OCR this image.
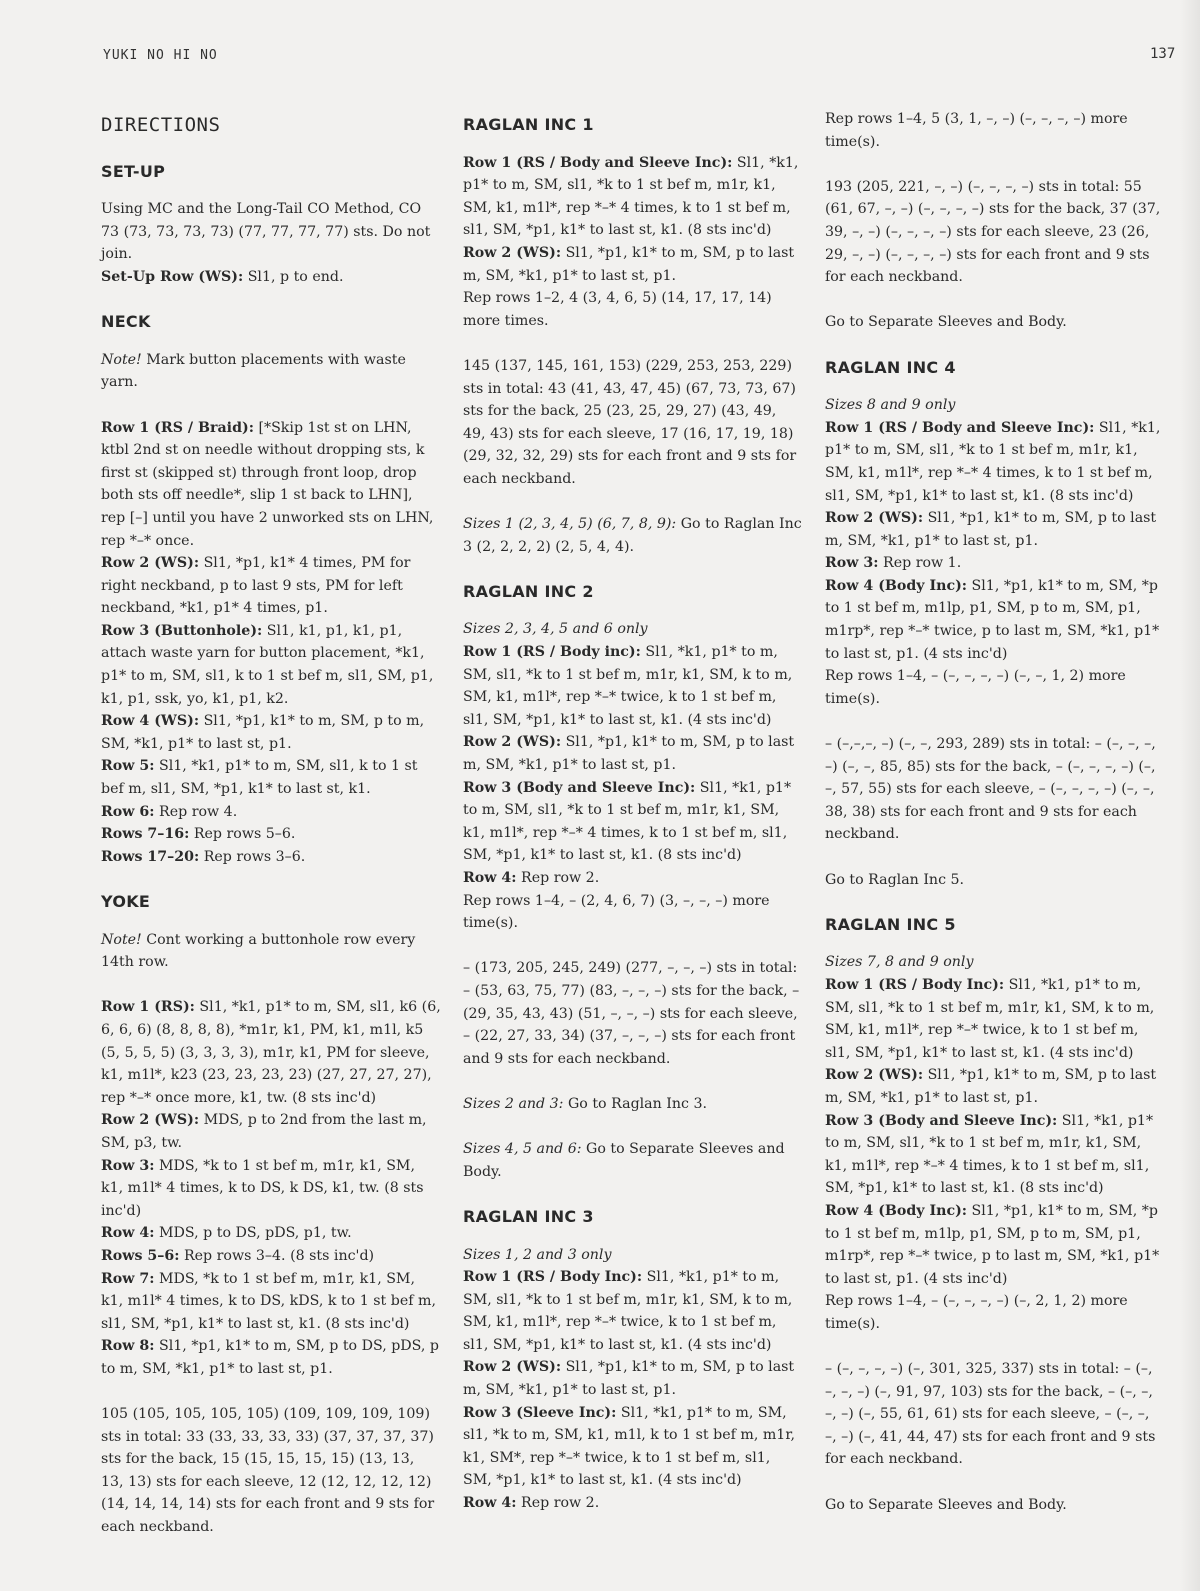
YUKI NO HI NO	137
DIRECTIONS
SET-UP

Using MC and the Long-Tail CO Method, CO 73 (73, 73, 73, 73) (77, 77, 77, 77) sts. Do not join.

Set-Up Row (WS): Sl1, p to end.

NECK

Note! Mark button placements with waste yarn.

Row 1 (RS / Braid): [*Skip 1st st on LHN, ktbl 2nd st on needle without dropping sts, k first st (skipped st) through front loop, drop both sts off needle*, slip 1 st back to LHN], rep [–] until you have 2 unworked sts on LHN, rep *–* once.

Row 2 (WS): Sl1, *p1, k1* 4 times, PM for right neckband, p to last 9 sts, PM for left neckband, *k1, p1* 4 times, p1.

Row 3 (Buttonhole): Sl1, k1, p1, k1, p1, attach waste yarn for button placement, *k1, p1* to m, SM, sl1, k to 1 st bef m, sl1, SM, p1, k1, p1, ssk, yo, k1, p1, k2.

Row 4 (WS): Sl1, *p1, k1* to m, SM, p to m, SM, *k1, p1* to last st, p1.

Row 5: Sl1, *k1, p1* to m, SM, sl1, k to 1 st bef m, sl1, SM, *p1, k1* to last st, k1.

Row 6: Rep row 4.

Rows 7–16: Rep rows 5–6.

Rows 17–20: Rep rows 3–6.

YOKE

Note! Cont working a buttonhole row every 14th row.

Row 1 (RS): Sl1, *k1, p1* to m, SM, sl1, k6 (6, 6, 6, 6) (8, 8, 8, 8), *m1r, k1, PM, k1, m1l, k5 (5, 5, 5, 5) (3, 3, 3, 3), m1r, k1, PM for sleeve, k1, m1l*, k23 (23, 23, 23, 23) (27, 27, 27, 27), rep *–* once more, k1, tw. (8 sts inc'd)

Row 2 (WS): MDS, p to 2nd from the last m, SM, p3, tw.

Row 3: MDS, *k to 1 st bef m, m1r, k1, SM, k1, m1l* 4 times, k to DS, k DS, k1, tw. (8 sts inc'd)

Row 4: MDS, p to DS, pDS, p1, tw.

Rows 5–6: Rep rows 3–4. (8 sts inc'd)

Row 7: MDS, *k to 1 st bef m, m1r, k1, SM, k1, m1l* 4 times, k to DS, kDS, k to 1 st bef m, sl1, SM, *p1, k1* to last st, k1. (8 sts inc'd)

Row 8: Sl1, *p1, k1* to m, SM, p to DS, pDS, p to m, SM, *k1, p1* to last st, p1.

105 (105, 105, 105, 105) (109, 109, 109, 109) sts in total: 33 (33, 33, 33, 33) (37, 37, 37, 37) sts for the back, 15 (15, 15, 15, 15) (13, 13, 13, 13) sts for each sleeve, 12 (12, 12, 12, 12) (14, 14, 14, 14) sts for each front and 9 sts for each neckband.

RAGLAN INC 1

Row 1 (RS / Body and Sleeve Inc): Sl1, *k1, p1* to m, SM, sl1, *k to 1 st bef m, m1r, k1, SM, k1, m1l*, rep *–* 4 times, k to 1 st bef m, sl1, SM, *p1, k1* to last st, k1. (8 sts inc'd)

Row 2 (WS): Sl1, *p1, k1* to m, SM, p to last m, SM, *k1, p1* to last st, p1.

Rep rows 1–2, 4 (3, 4, 6, 5) (14, 17, 17, 14) more times.

145 (137, 145, 161, 153) (229, 253, 253, 229) sts in total: 43 (41, 43, 47, 45) (67, 73, 73, 67) sts for the back, 25 (23, 25, 29, 27) (43, 49, 49, 43) sts for each sleeve, 17 (16, 17, 19, 18) (29, 32, 32, 29) sts for each front and 9 sts for each neckband.

Sizes 1 (2, 3, 4, 5) (6, 7, 8, 9): Go to Raglan Inc 3 (2, 2, 2, 2) (2, 5, 4, 4).

RAGLAN INC 2

Sizes 2, 3, 4, 5 and 6 only

Row 1 (RS / Body inc): Sl1, *k1, p1* to m, SM, sl1, *k to 1 st bef m, m1r, k1, SM, k to m, SM, k1, m1l*, rep *–* twice, k to 1 st bef m, sl1, SM, *p1, k1* to last st, k1. (4 sts inc'd)

Row 2 (WS): Sl1, *p1, k1* to m, SM, p to last m, SM, *k1, p1* to last st, p1.

Row 3 (Body and Sleeve Inc): Sl1, *k1, p1* to m, SM, sl1, *k to 1 st bef m, m1r, k1, SM, k1, m1l*, rep *–* 4 times, k to 1 st bef m, sl1, SM, *p1, k1* to last st, k1. (8 sts inc'd)

Row 4: Rep row 2.

Rep rows 1–4, – (2, 4, 6, 7) (3, –, –, –) more time(s).

– (173, 205, 245, 249) (277, –, –, –) sts in total: – (53, 63, 75, 77) (83, –, –, –) sts for the back, – (29, 35, 43, 43) (51, –, –, –) sts for each sleeve, – (22, 27, 33, 34) (37, –, –, –) sts for each front and 9 sts for each neckband.

Sizes 2 and 3: Go to Raglan Inc 3.

Sizes 4, 5 and 6: Go to Separate Sleeves and Body.

RAGLAN INC 3

Sizes 1, 2 and 3 only

Row 1 (RS / Body Inc): Sl1, *k1, p1* to m, SM, sl1, *k to 1 st bef m, m1r, k1, SM, k to m, SM, k1, m1l*, rep *–* twice, k to 1 st bef m, sl1, SM, *p1, k1* to last st, k1. (4 sts inc'd)

Row 2 (WS): Sl1, *p1, k1* to m, SM, p to last m, SM, *k1, p1* to last st, p1.

Row 3 (Sleeve Inc): Sl1, *k1, p1* to m, SM, sl1, *k to m, SM, k1, m1l, k to 1 st bef m, m1r, k1, SM*, rep *–* twice, k to 1 st bef m, sl1, SM, *p1, k1* to last st, k1. (4 sts inc'd)

Row 4: Rep row 2.

Rep rows 1–4, 5 (3, 1, –, –) (–, –, –, –) more time(s).

193 (205, 221, –, –) (–, –, –, –) sts in total: 55 (61, 67, –, –) (–, –, –, –) sts for the back, 37 (37, 39, –, –) (–, –, –, –) sts for each sleeve, 23 (26, 29, –, –) (–, –, –, –) sts for each front and 9 sts for each neckband.

Go to Separate Sleeves and Body.

RAGLAN INC 4

Sizes 8 and 9 only

Row 1 (RS / Body and Sleeve Inc): Sl1, *k1, p1* to m, SM, sl1, *k to 1 st bef m, m1r, k1, SM, k1, m1l*, rep *–* 4 times, k to 1 st bef m, sl1, SM, *p1, k1* to last st, k1. (8 sts inc'd)

Row 2 (WS): Sl1, *p1, k1* to m, SM, p to last m, SM, *k1, p1* to last st, p1.

Row 3: Rep row 1.

Row 4 (Body Inc): Sl1, *p1, k1* to m, SM, *p to 1 st bef m, m1lp, p1, SM, p to m, SM, p1, m1rp*, rep *–* twice, p to last m, SM, *k1, p1* to last st, p1. (4 sts inc'd)

Rep rows 1–4, – (–, –, –, –) (–, –, 1, 2) more time(s).

– (–,–,–, –) (–, –, 293, 289) sts in total: – (–, –, –, –) (–, –, 85, 85) sts for the back, – (–, –, –, –) (–, –, 57, 55) sts for each sleeve, – (–, –, –, –) (–, –, 38, 38) sts for each front and 9 sts for each neckband.

Go to Raglan Inc 5.

RAGLAN INC 5

Sizes 7, 8 and 9 only

Row 1 (RS / Body Inc): Sl1, *k1, p1* to m, SM, sl1, *k to 1 st bef m, m1r, k1, SM, k to m, SM, k1, m1l*, rep *–* twice, k to 1 st bef m, sl1, SM, *p1, k1* to last st, k1. (4 sts inc'd)

Row 2 (WS): Sl1, *p1, k1* to m, SM, p to last m, SM, *k1, p1* to last st, p1.

Row 3 (Body and Sleeve Inc): Sl1, *k1, p1* to m, SM, sl1, *k to 1 st bef m, m1r, k1, SM, k1, m1l*, rep *–* 4 times, k to 1 st bef m, sl1, SM, *p1, k1* to last st, k1. (8 sts inc'd)

Row 4 (Body Inc): Sl1, *p1, k1* to m, SM, *p to 1 st bef m, m1lp, p1, SM, p to m, SM, p1, m1rp*, rep *–* twice, p to last m, SM, *k1, p1* to last st, p1. (4 sts inc'd)

Rep rows 1–4, – (–, –, –, –) (–, 2, 1, 2) more time(s).

– (–, –, –, –) (–, 301, 325, 337) sts in total: – (–, –, –, –) (–, 91, 97, 103) sts for the back, – (–, –, –, –) (–, 55, 61, 61) sts for each sleeve, – (–, –, –, –) (–, 41, 44, 47) sts for each front and 9 sts for each neckband.

Go to Separate Sleeves and Body.
